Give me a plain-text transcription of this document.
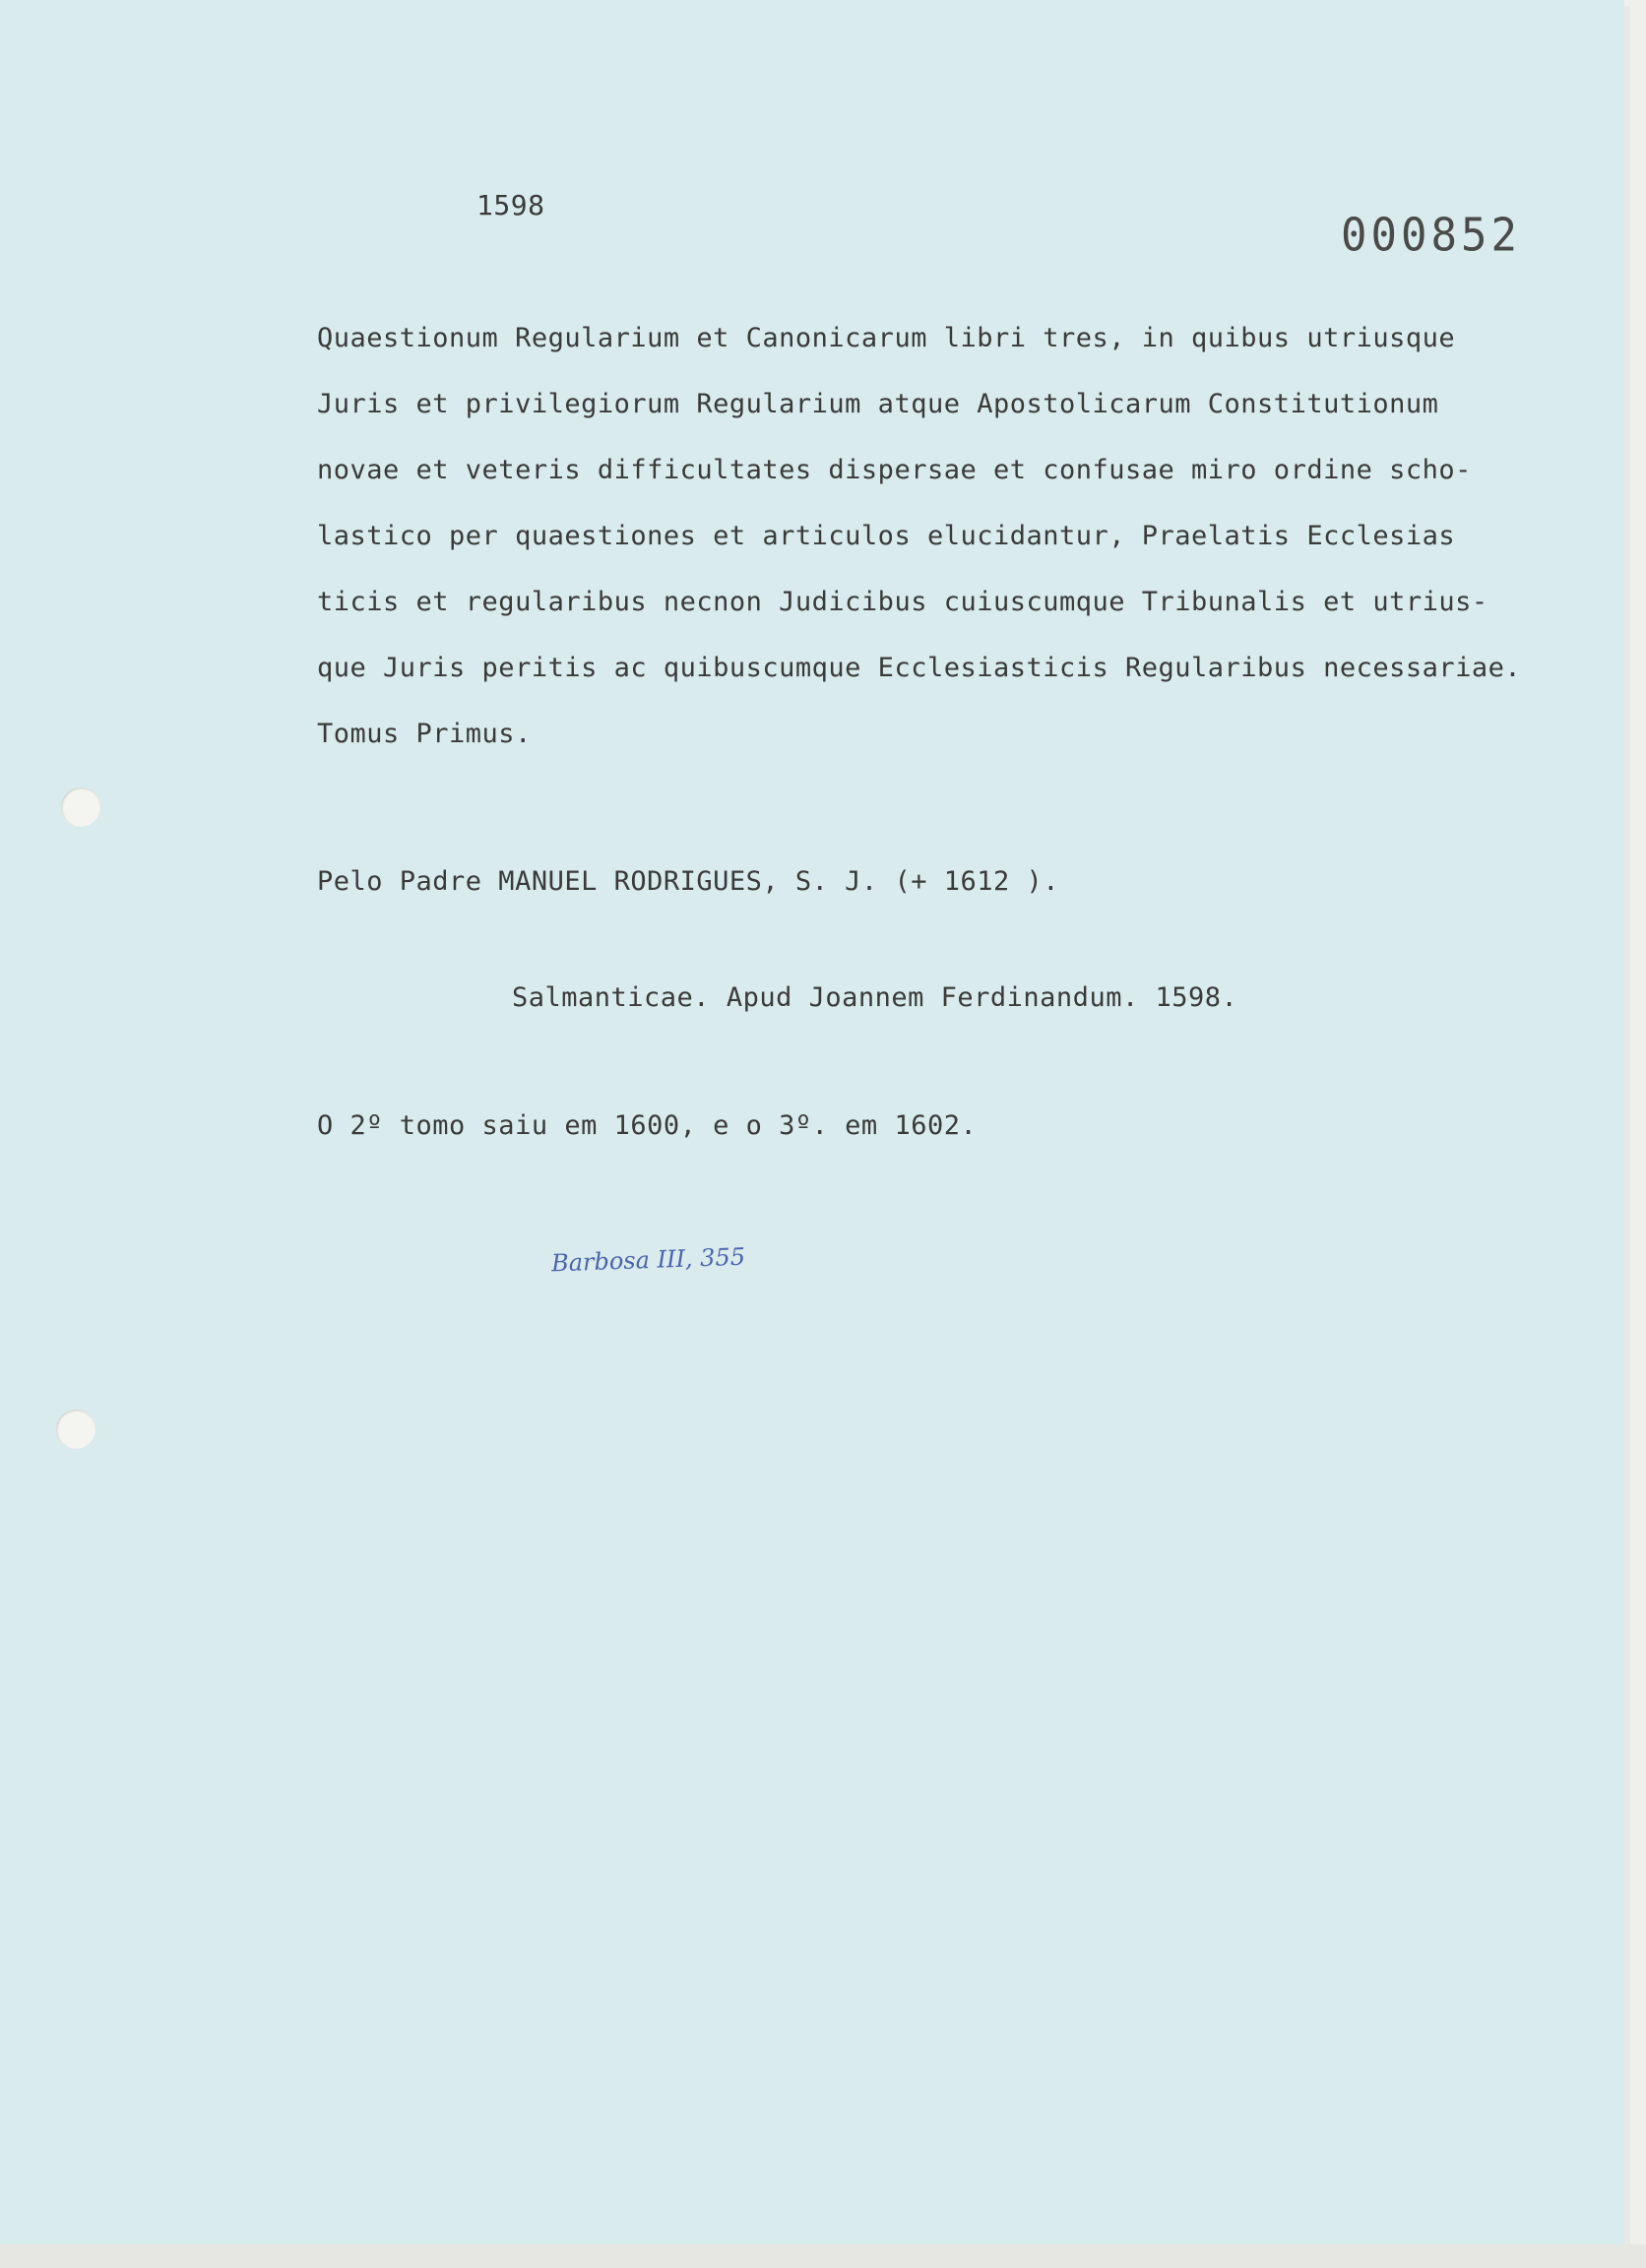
1598
000852
Quaestionum Regularium et Canonicarum libri tres, in quibus utriusque
Juris et privilegiorum Regularium atque Apostolicarum Constitutionum
novae et veteris difficultates dispersae et confusae miro ordine scho-
lastico per quaestiones et articulos elucidantur, Praelatis Ecclesias
ticis et regularibus necnon Judicibus cuiuscumque Tribunalis et utrius-
que Juris peritis ac quibuscumque Ecclesiasticis Regularibus necessariae.
Tomus Primus.
Pelo Padre MANUEL RODRIGUES, S. J. (+ 1612 ).
Salmanticae. Apud Joannem Ferdinandum. 1598.
O 2º tomo saiu em 1600, e o 3º. em 1602.
Barbosa III, 355
